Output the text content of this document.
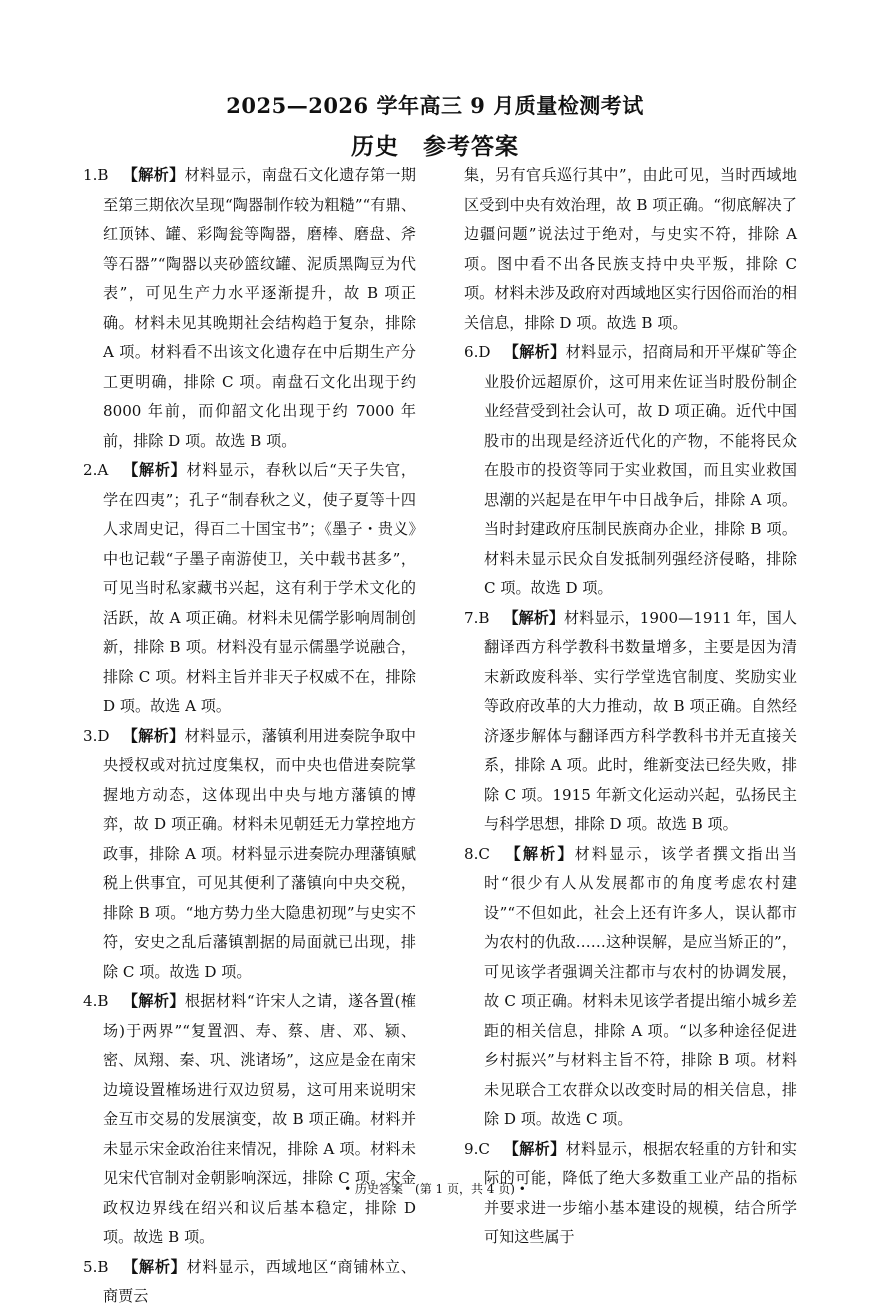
2025—2026 学年高三 9 月质量检测考试
历史　参考答案

1.B 【解析】材料显示，南盘石文化遗存第一期至第三期依次呈现“陶器制作较为粗糙”“有鼎、红顶钵、罐、彩陶瓮等陶器，磨棒、磨盘、斧等石器”“陶器以夹砂篮纹罐、泥质黑陶豆为代表”，可见生产力水平逐渐提升，故 B 项正确。材料未见其晚期社会结构趋于复杂，排除 A 项。材料看不出该文化遗存在中后期生产分工更明确，排除 C 项。南盘石文化出现于约 8000 年前，而仰韶文化出现于约 7000 年前，排除 D 项。故选 B 项。

2.A 【解析】材料显示，春秋以后“天子失官，学在四夷”；孔子“制春秋之义，使子夏等十四人求周史记，得百二十国宝书”；《墨子・贵义》中也记载“子墨子南游使卫，关中载书甚多”，可见当时私家藏书兴起，这有利于学术文化的活跃，故 A 项正确。材料未见儒学影响周制创新，排除 B 项。材料没有显示儒墨学说融合，排除 C 项。材料主旨并非天子权威不在，排除 D 项。故选 A 项。

3.D 【解析】材料显示，藩镇利用进奏院争取中央授权或对抗过度集权，而中央也借进奏院掌握地方动态，这体现出中央与地方藩镇的博弈，故 D 项正确。材料未见朝廷无力掌控地方政事，排除 A 项。材料显示进奏院办理藩镇赋税上供事宜，可见其便利了藩镇向中央交税，排除 B 项。“地方势力坐大隐患初现”与史实不符，安史之乱后藩镇割据的局面就已出现，排除 C 项。故选 D 项。

4.B 【解析】根据材料“许宋人之请，遂各置(榷场)于两界”“复置泗、寿、蔡、唐、邓、颍、密、凤翔、秦、巩、洮诸场”，这应是金在南宋边境设置榷场进行双边贸易，这可用来说明宋金互市交易的发展演变，故 B 项正确。材料并未显示宋金政治往来情况，排除 A 项。材料未见宋代官制对金朝影响深远，排除 C 项。宋金政权边界线在绍兴和议后基本稳定，排除 D 项。故选 B 项。

5.B 【解析】材料显示，西域地区“商铺林立、商贾云

集，另有官兵巡行其中”，由此可见，当时西域地区受到中央有效治理，故 B 项正确。“彻底解决了边疆问题”说法过于绝对，与史实不符，排除 A 项。图中看不出各民族支持中央平叛，排除 C 项。材料未涉及政府对西域地区实行因俗而治的相关信息，排除 D 项。故选 B 项。

6.D 【解析】材料显示，招商局和开平煤矿等企业股价远超原价，这可用来佐证当时股份制企业经营受到社会认可，故 D 项正确。近代中国股市的出现是经济近代化的产物，不能将民众在股市的投资等同于实业救国，而且实业救国思潮的兴起是在甲午中日战争后，排除 A 项。当时封建政府压制民族商办企业，排除 B 项。材料未显示民众自发抵制列强经济侵略，排除 C 项。故选 D 项。

7.B 【解析】材料显示，1900—1911 年，国人翻译西方科学教科书数量增多，主要是因为清末新政废科举、实行学堂选官制度、奖励实业等政府改革的大力推动，故 B 项正确。自然经济逐步解体与翻译西方科学教科书并无直接关系，排除 A 项。此时，维新变法已经失败，排除 C 项。1915 年新文化运动兴起，弘扬民主与科学思想，排除 D 项。故选 B 项。

8.C 【解析】材料显示，该学者撰文指出当时“很少有人从发展都市的角度考虑农村建设”“不但如此，社会上还有许多人，误认都市为农村的仇敌……这种误解，是应当矫正的”，可见该学者强调关注都市与农村的协调发展，故 C 项正确。材料未见该学者提出缩小城乡差距的相关信息，排除 A 项。“以多种途径促进乡村振兴”与材料主旨不符，排除 B 项。材料未见联合工农群众以改变时局的相关信息，排除 D 项。故选 C 项。

9.C 【解析】材料显示，根据农轻重的方针和实际的可能，降低了绝大多数重工业产品的指标并要求进一步缩小基本建设的规模，结合所学可知这些属于

• 历史答案　(第 1 页，共 4 页) •
